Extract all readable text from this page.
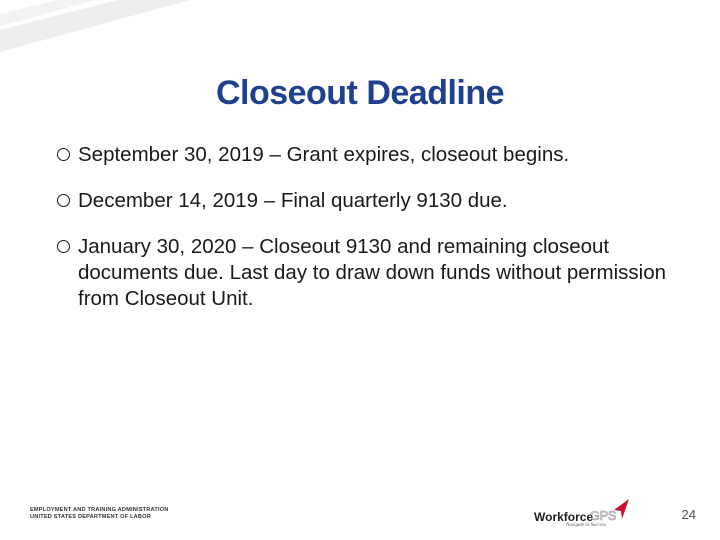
Closeout Deadline
September 30, 2019 – Grant expires, closeout begins.
December 14, 2019 – Final quarterly 9130 due.
January 30, 2020 – Closeout 9130 and remaining closeout documents due. Last day to draw down funds without permission from Closeout Unit.
EMPLOYMENT AND TRAINING ADMINISTRATION
UNITED STATES DEPARTMENT OF LABOR	Workforce
GPS
Navigate to Success
24
